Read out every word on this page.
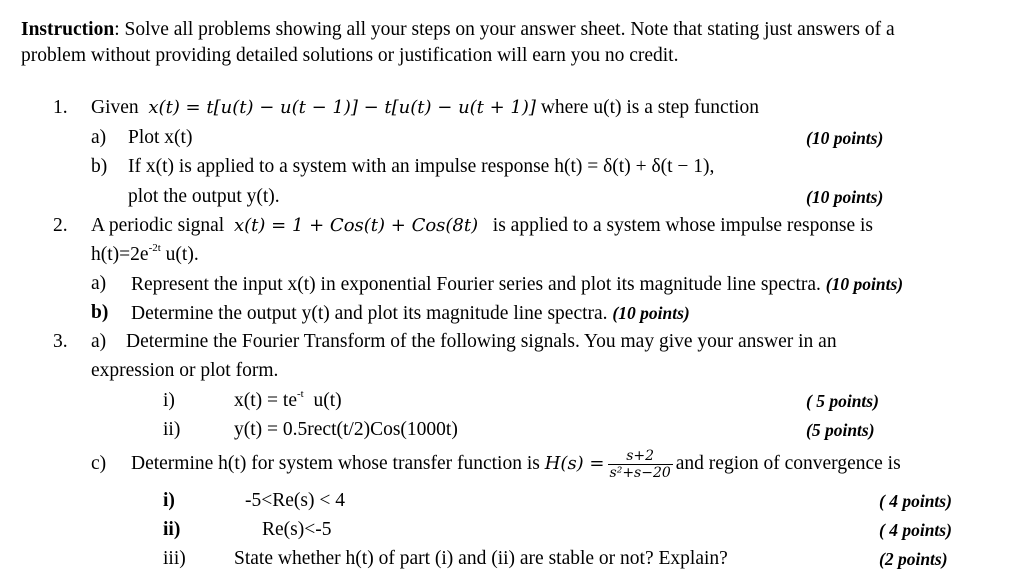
Instruction: Solve all problems showing all your steps on your answer sheet. Note that stating just answers of a
problem without providing detailed solutions or justification will earn you no credit.
1. Given x(t) = t[u(t) − u(t − 1)] − t[u(t) − u(t + 1)] where u(t) is a step function
a) Plot x(t)	(10 points)
b) If x(t) is applied to a system with an impulse response h(t) = δ(t) + δ(t − 1),
plot the output y(t).	(10 points)
2. A periodic signal x(t) = 1 + Cos(t) + Cos(8t) is applied to a system whose impulse response is
$h(t)=2e^{-2t}$ u(t).
a) Represent the input x(t) in exponential Fourier series and plot its magnitude line spectra. (10 points)
b) Determine the output y(t) and plot its magnitude line spectra. (10 points)
3. a) Determine the Fourier Transform of the following signals. You may give your answer in an
expression or plot form.
i)	$x(t) = te^{-t}$  u(t)	( 5 points)
ii)	y(t) = 0.5rect(t/2)Cos(1000t)	(5 points)
c) Determine h(t) for system whose transfer function is $H(s) = \frac{s+2}{\text{s²+s−20}}$ and region of convergence is
i)	-5<Re(s) < 4	( 4 points)
ii)	Re(s)<-5	( 4 points)
iii) State whether h(t) of part (i) and (ii) are stable or not? Explain?	(2 points)
